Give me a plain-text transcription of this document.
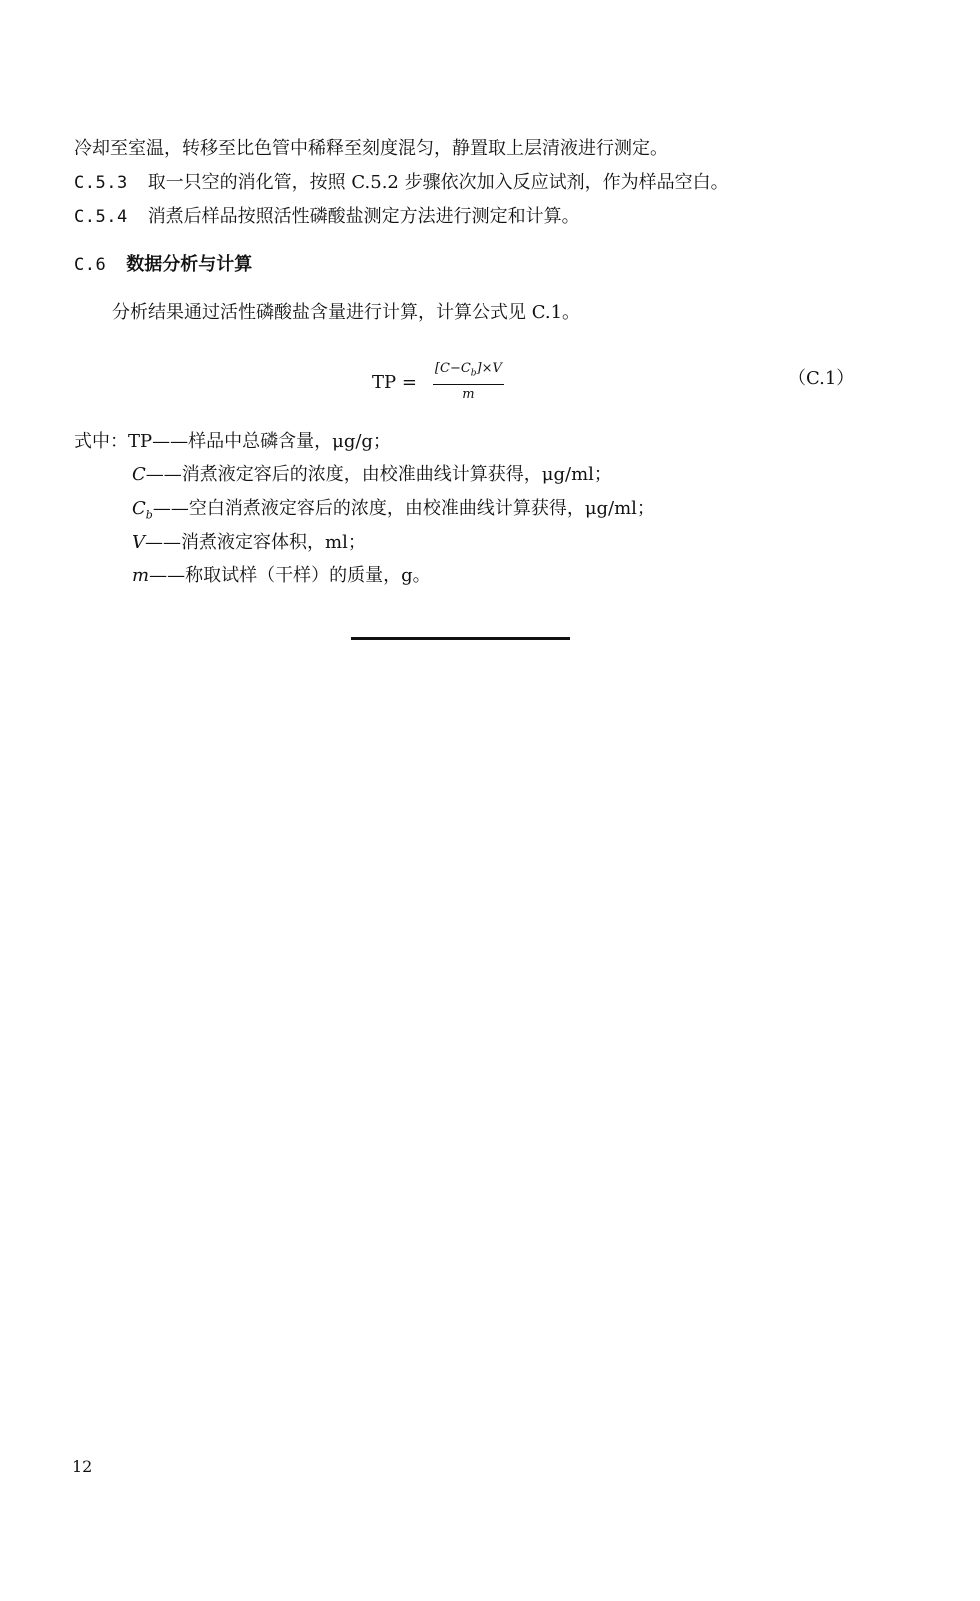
冷却至室温，转移至比色管中稀释至刻度混匀，静置取上层清液进行测定。
C.5.3 取一只空的消化管，按照 C.5.2 步骤依次加入反应试剂，作为样品空白。
C.5.4 消煮后样品按照活性磷酸盐测定方法进行测定和计算。
C.6 数据分析与计算
分析结果通过活性磷酸盐含量进行计算，计算公式见 C.1。
TP = $\frac{[C-C_b]\times V}{m}$	（C.1）
式中：TP——样品中总磷含量，μg/g；
C——消煮液定容后的浓度，由校准曲线计算获得，μg/ml；
$C_b——$空白消煮液定容后的浓度，由校准曲线计算获得，μg/ml；
V——消煮液定容体积，ml；
m——称取试样（干样）的质量，g。
12
